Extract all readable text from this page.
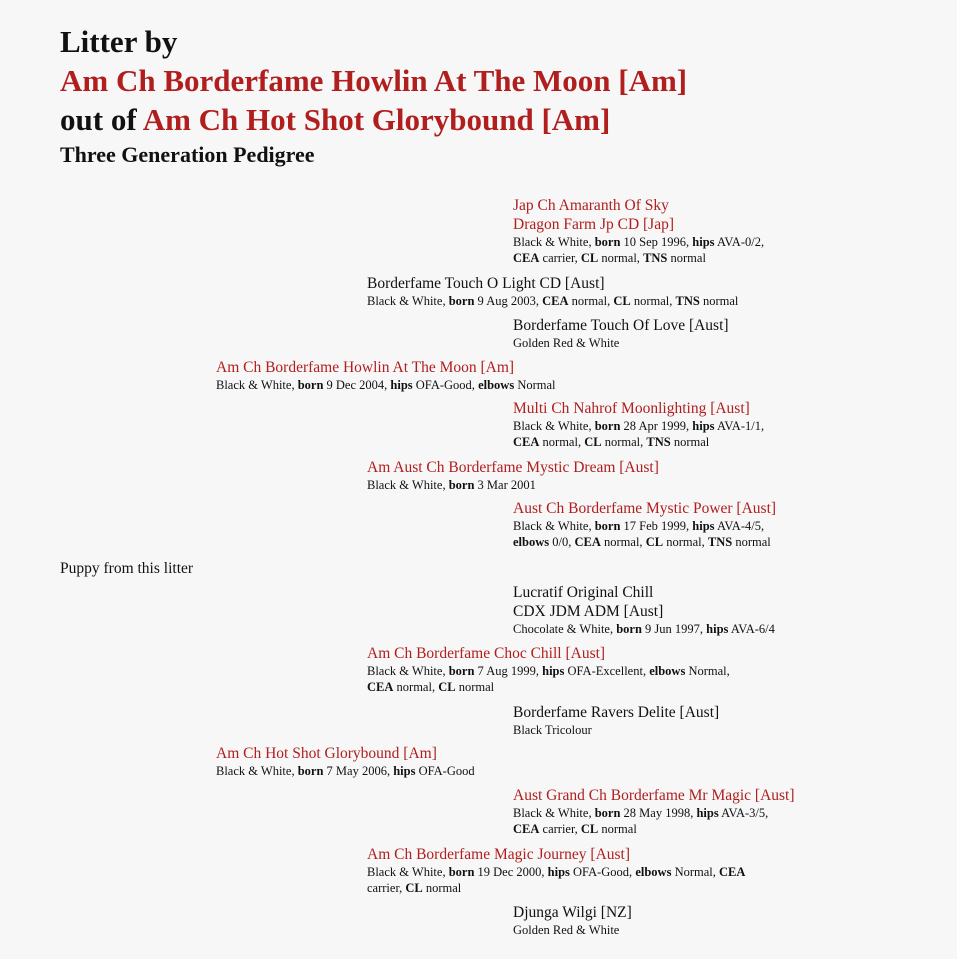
Litter by
Am Ch Borderfame Howlin At The Moon [Am]
out of Am Ch Hot Shot Glorybound [Am]
Three Generation Pedigree
Jap Ch Amaranth Of Sky
Dragon Farm Jp CD [Jap]
Black & White, born 10 Sep 1996, hips AVA-0/2,
CEA carrier, CL normal, TNS normal
Borderfame Touch O Light CD [Aust]
Black & White, born 9 Aug 2003, CEA normal, CL normal, TNS normal
Borderfame Touch Of Love [Aust]
Golden Red & White
Am Ch Borderfame Howlin At The Moon [Am]
Black & White, born 9 Dec 2004, hips OFA-Good, elbows Normal
Multi Ch Nahrof Moonlighting [Aust]
Black & White, born 28 Apr 1999, hips AVA-1/1,
CEA normal, CL normal, TNS normal
Am Aust Ch Borderfame Mystic Dream [Aust]
Black & White, born 3 Mar 2001
Aust Ch Borderfame Mystic Power [Aust]
Black & White, born 17 Feb 1999, hips AVA-4/5,
elbows 0/0, CEA normal, CL normal, TNS normal
Puppy from this litter
Lucratif Original Chill
CDX JDM ADM [Aust]
Chocolate & White, born 9 Jun 1997, hips AVA-6/4
Am Ch Borderfame Choc Chill [Aust]
Black & White, born 7 Aug 1999, hips OFA-Excellent, elbows Normal,
CEA normal, CL normal
Borderfame Ravers Delite [Aust]
Black Tricolour
Am Ch Hot Shot Glorybound [Am]
Black & White, born 7 May 2006, hips OFA-Good
Aust Grand Ch Borderfame Mr Magic [Aust]
Black & White, born 28 May 1998, hips AVA-3/5,
CEA carrier, CL normal
Am Ch Borderfame Magic Journey [Aust]
Black & White, born 19 Dec 2000, hips OFA-Good, elbows Normal, CEA
carrier, CL normal
Djunga Wilgi [NZ]
Golden Red & White
